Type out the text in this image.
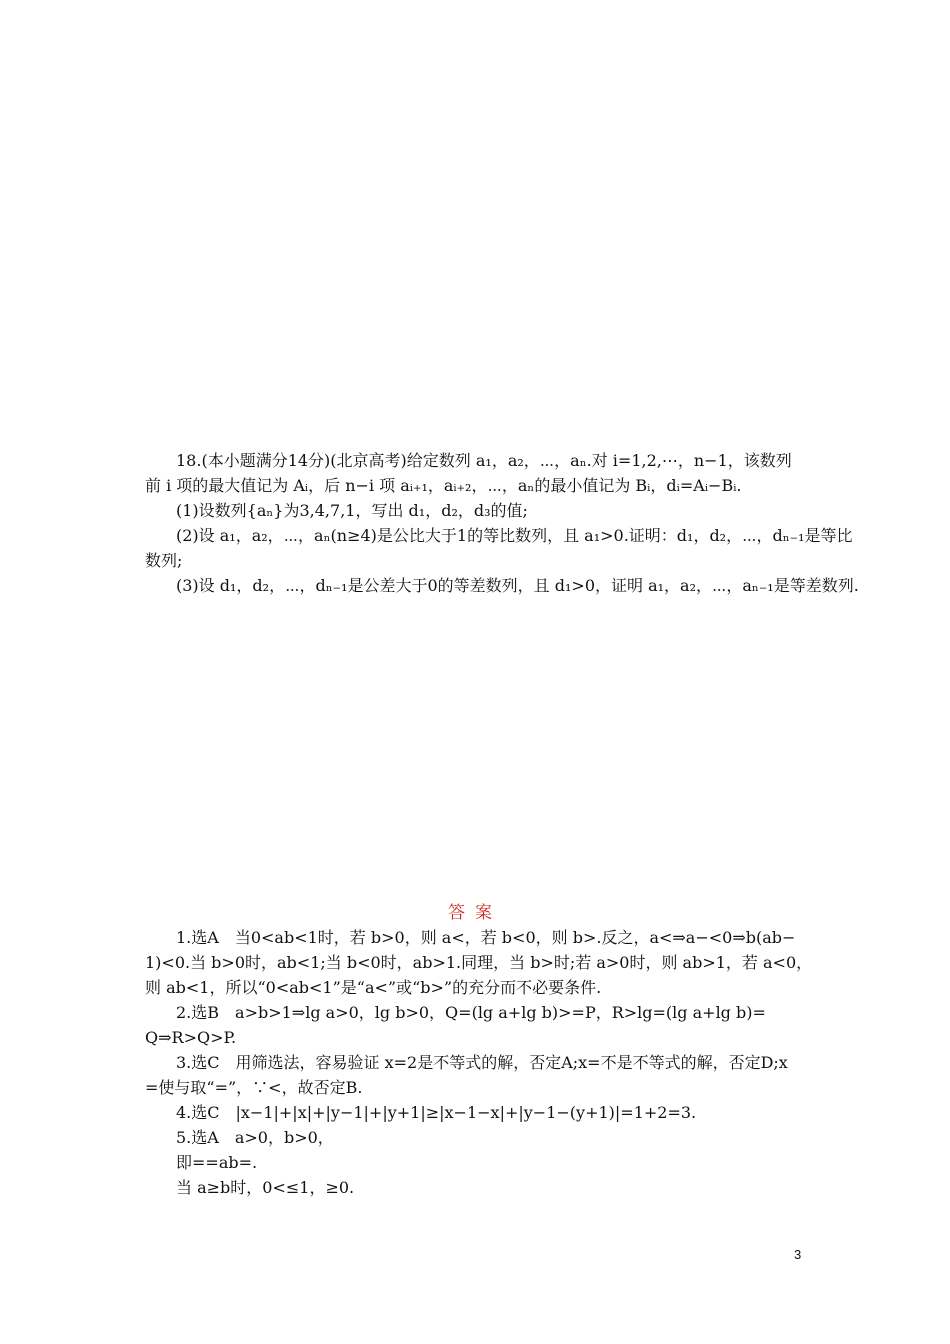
18.(本小题满分14分)(北京高考)给定数列 a₁，a₂，⋯，aₙ.对 i=1,2,⋯，n−1，该数列
前 i 项的最大值记为 Aᵢ，后 n−i 项 aᵢ₊₁，aᵢ₊₂，⋯，aₙ的最小值记为 Bᵢ，dᵢ=Aᵢ−Bᵢ.
(1)设数列{aₙ}为3,4,7,1，写出 d₁，d₂，d₃的值;
(2)设 a₁，a₂，⋯，aₙ(n≥4)是公比大于1的等比数列，且 a₁>0.证明：d₁，d₂，⋯，dₙ₋₁是等比
数列;
(3)设 d₁，d₂，⋯，dₙ₋₁是公差大于0的等差数列，且 d₁>0，证明 a₁，a₂，⋯，aₙ₋₁是等差数列.
答案
1.选A　当0<ab<1时，若 b>0，则 a<，若 b<0，则 b>.反之，a<⇒a−<0⇒b(ab−
1)<0.当 b>0时，ab<1;当 b<0时，ab>1.同理，当 b>时;若 a>0时，则 ab>1，若 a<0，
则 ab<1，所以“0<ab<1”是“a<”或“b>”的充分而不必要条件.
2.选B　a>b>1⇒lg a>0，lg b>0，Q=(lg a+lg b)>=P，R>lg=(lg a+lg b)=
Q⇒R>Q>P.
3.选C　用筛选法，容易验证 x=2是不等式的解，否定A;x=不是不等式的解，否定D;x
=使与取“=”，∵<，故否定B.
4.选C　|x−1|+|x|+|y−1|+|y+1|≥|x−1−x|+|y−1−(y+1)|=1+2=3.
5.选A　a>0，b>0，
即==ab=.
当 a≥b时，0<≤1，≥0.
3
